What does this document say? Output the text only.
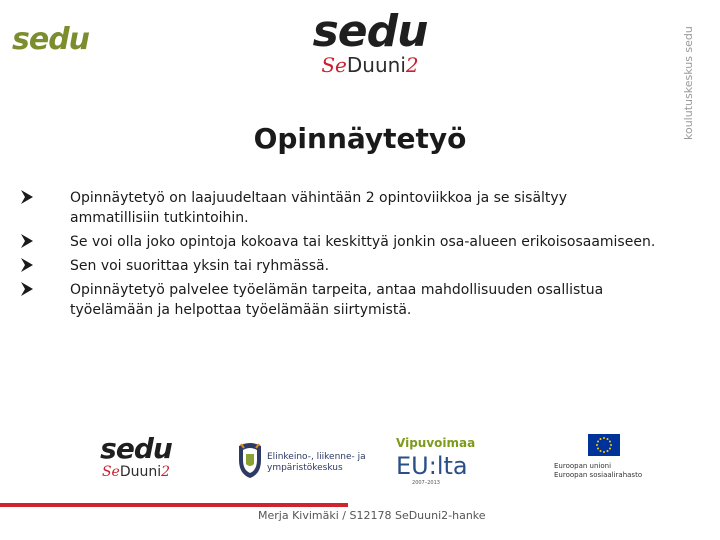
sedu	sedu
SeDuuni2	koulutuskeskus sedu
Opinnäytetyö
Opinnäytetyö on laajuudeltaan vähintään 2 opintoviikkoa ja se sisältyy
ammatillisiin tutkintoihin.
Se voi olla joko opintoja kokoava tai keskittyä jonkin osa-alueen erikoisosaamiseen.
Sen voi suorittaa yksin tai ryhmässä.
Opinnäytetyö palvelee työelämän tarpeita, antaa mahdollisuuden osallistua
työelämään ja helpottaa työelämään siirtymistä.
sedu
SeDuuni2
Elinkeino-, liikenne- ja
ympäristökeskus
Vipuvoimaa
EU:lta
2007–2013
Euroopan unioni
Euroopan sosiaalirahasto
Merja Kivimäki / S12178 SeDuuni2-hanke
